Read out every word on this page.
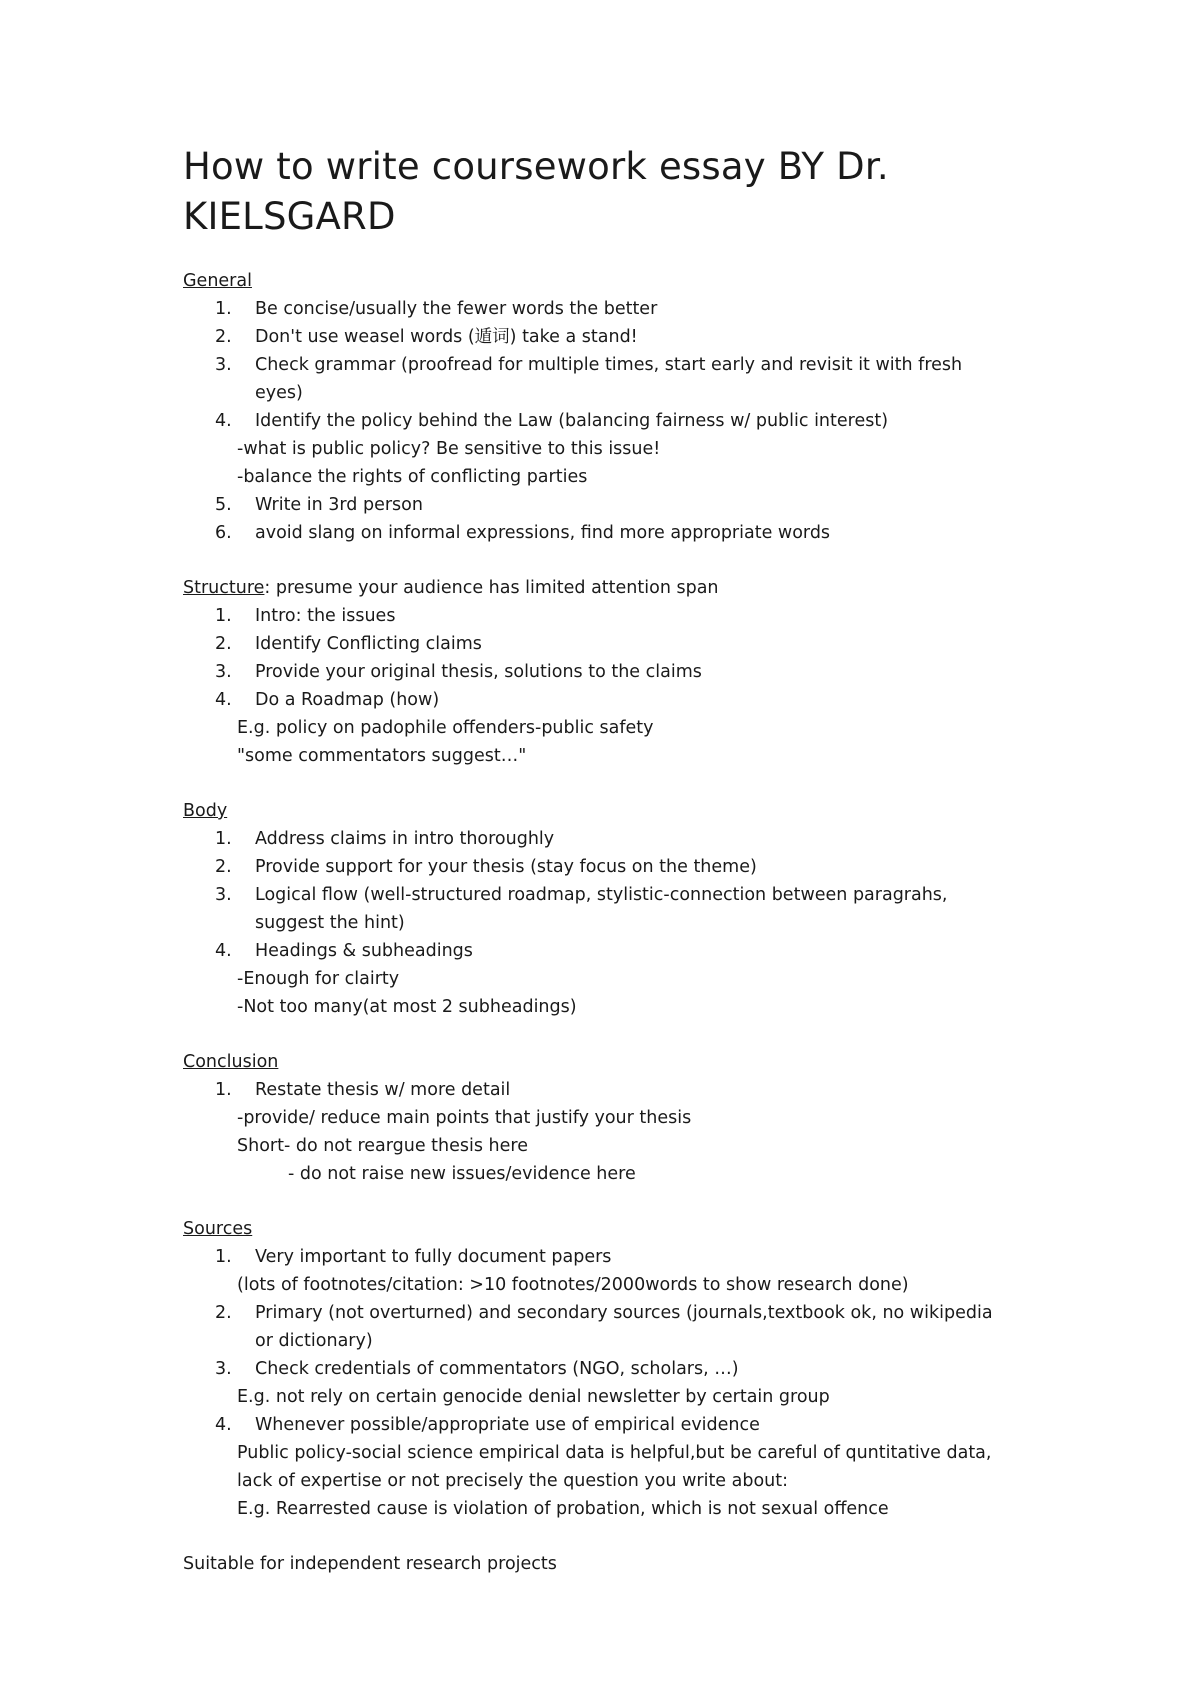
How to write coursework essay BY Dr. KIELSGARD
General
1. Be concise/usually the fewer words the better
2. Don't use weasel words (遁词) take a stand!
3. Check grammar (proofread for multiple times, start early and revisit it with fresh
eyes)
4. Identify the policy behind the Law (balancing fairness w/ public interest)
-what is public policy? Be sensitive to this issue!
-balance the rights of conflicting parties
5. Write in 3rd person
6. avoid slang on informal expressions, find more appropriate words
Structure: presume your audience has limited attention span
1. Intro: the issues
2. Identify Conflicting claims
3. Provide your original thesis, solutions to the claims
4. Do a Roadmap (how)
E.g. policy on padophile offenders-public safety
"some commentators suggest…"
Body
1. Address claims in intro thoroughly
2. Provide support for your thesis (stay focus on the theme)
3. Logical flow (well-structured roadmap, stylistic-connection between paragrahs,
suggest the hint)
4. Headings & subheadings
-Enough for clairty
-Not too many(at most 2 subheadings)
Conclusion
1. Restate thesis w/ more detail
-provide/ reduce main points that justify your thesis
Short- do not reargue thesis here
- do not raise new issues/evidence here
Sources
1. Very important to fully document papers
(lots of footnotes/citation: >10 footnotes/2000words to show research done)
2. Primary (not overturned) and secondary sources (journals,textbook ok, no wikipedia
or dictionary)
3. Check credentials of commentators (NGO, scholars, …)
E.g. not rely on certain genocide denial newsletter by certain group
4. Whenever possible/appropriate use of empirical evidence
Public policy-social science empirical data is helpful,but be careful of quntitative data,
lack of expertise or not precisely the question you write about:
E.g. Rearrested cause is violation of probation, which is not sexual offence
Suitable for independent research projects
